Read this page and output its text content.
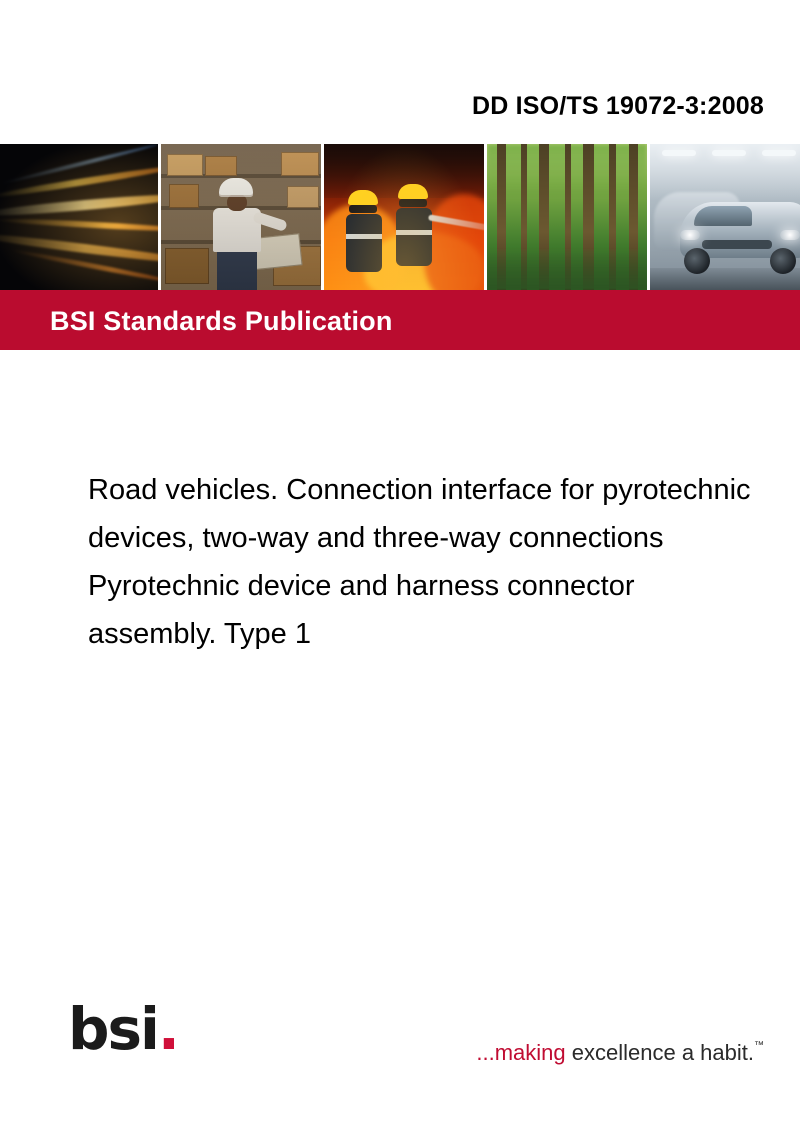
DD ISO/TS 19072-3:2008
BSI Standards Publication
Road vehicles. Connection interface for pyrotechnic devices, two-way and three-way connections Pyrotechnic device and harness connector assembly. Type 1
bsi.	...making excellence a habit.™
